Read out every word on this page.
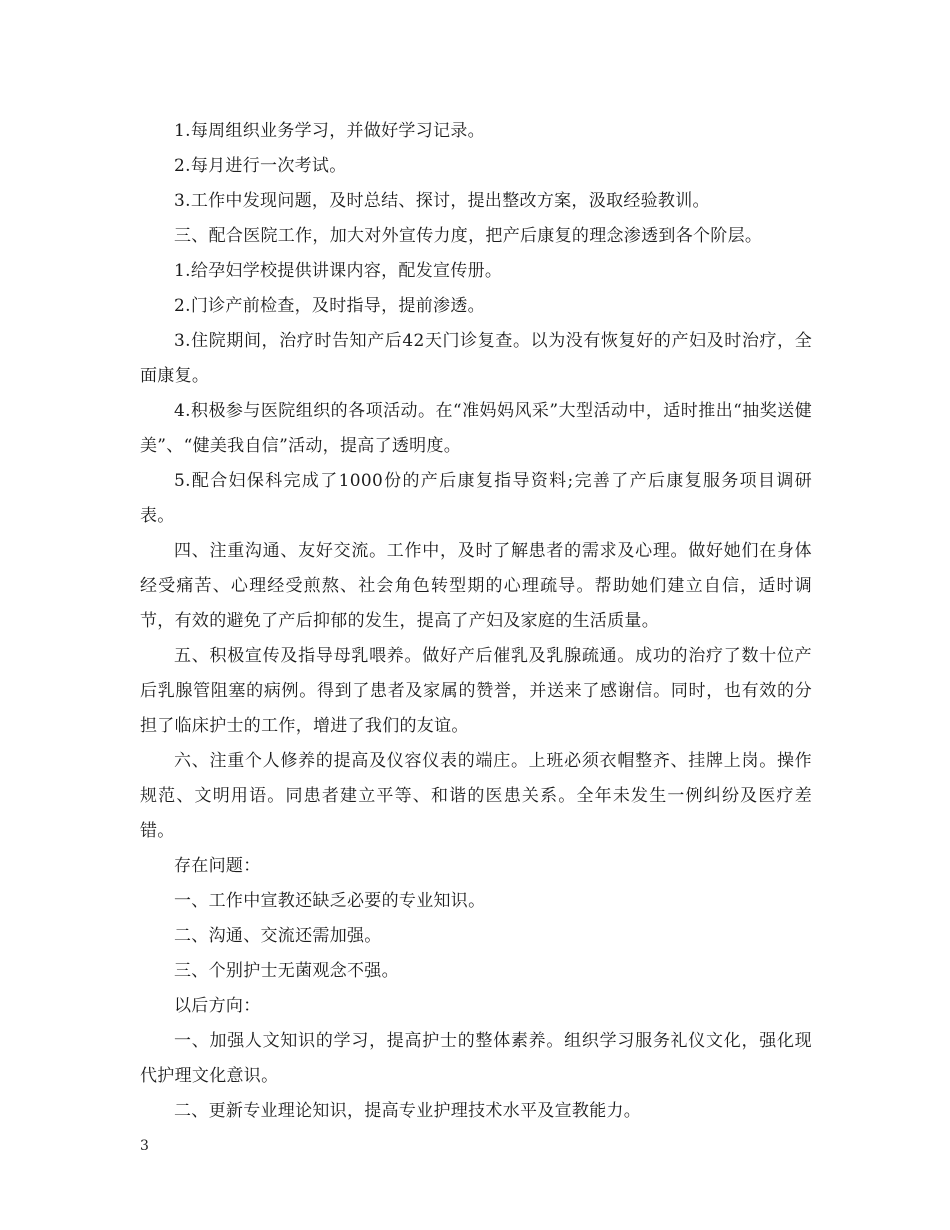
1.每周组织业务学习，并做好学习记录。

2.每月进行一次考试。

3.工作中发现问题，及时总结、探讨，提出整改方案，汲取经验教训。

三、配合医院工作，加大对外宣传力度，把产后康复的理念渗透到各个阶层。

1.给孕妇学校提供讲课内容，配发宣传册。

2.门诊产前检查，及时指导，提前渗透。

3.住院期间，治疗时告知产后42天门诊复查。以为没有恢复好的产妇及时治疗，全面康复。

4.积极参与医院组织的各项活动。在“准妈妈风采”大型活动中，适时推出“抽奖送健美”、“健美我自信”活动，提高了透明度。

5.配合妇保科完成了1000份的产后康复指导资料;完善了产后康复服务项目调研表。

四、注重沟通、友好交流。工作中，及时了解患者的需求及心理。做好她们在身体经受痛苦、心理经受煎熬、社会角色转型期的心理疏导。帮助她们建立自信，适时调节，有效的避免了产后抑郁的发生，提高了产妇及家庭的生活质量。

五、积极宣传及指导母乳喂养。做好产后催乳及乳腺疏通。成功的治疗了数十位产后乳腺管阻塞的病例。得到了患者及家属的赞誉，并送来了感谢信。同时，也有效的分担了临床护士的工作，增进了我们的友谊。

六、注重个人修养的提高及仪容仪表的端庄。上班必须衣帽整齐、挂牌上岗。操作规范、文明用语。同患者建立平等、和谐的医患关系。全年未发生一例纠纷及医疗差错。

存在问题：

一、工作中宣教还缺乏必要的专业知识。

二、沟通、交流还需加强。

三、个别护士无菌观念不强。

以后方向：

一、加强人文知识的学习，提高护士的整体素养。组织学习服务礼仪文化，强化现代护理文化意识。

二、更新专业理论知识，提高专业护理技术水平及宣教能力。

3
